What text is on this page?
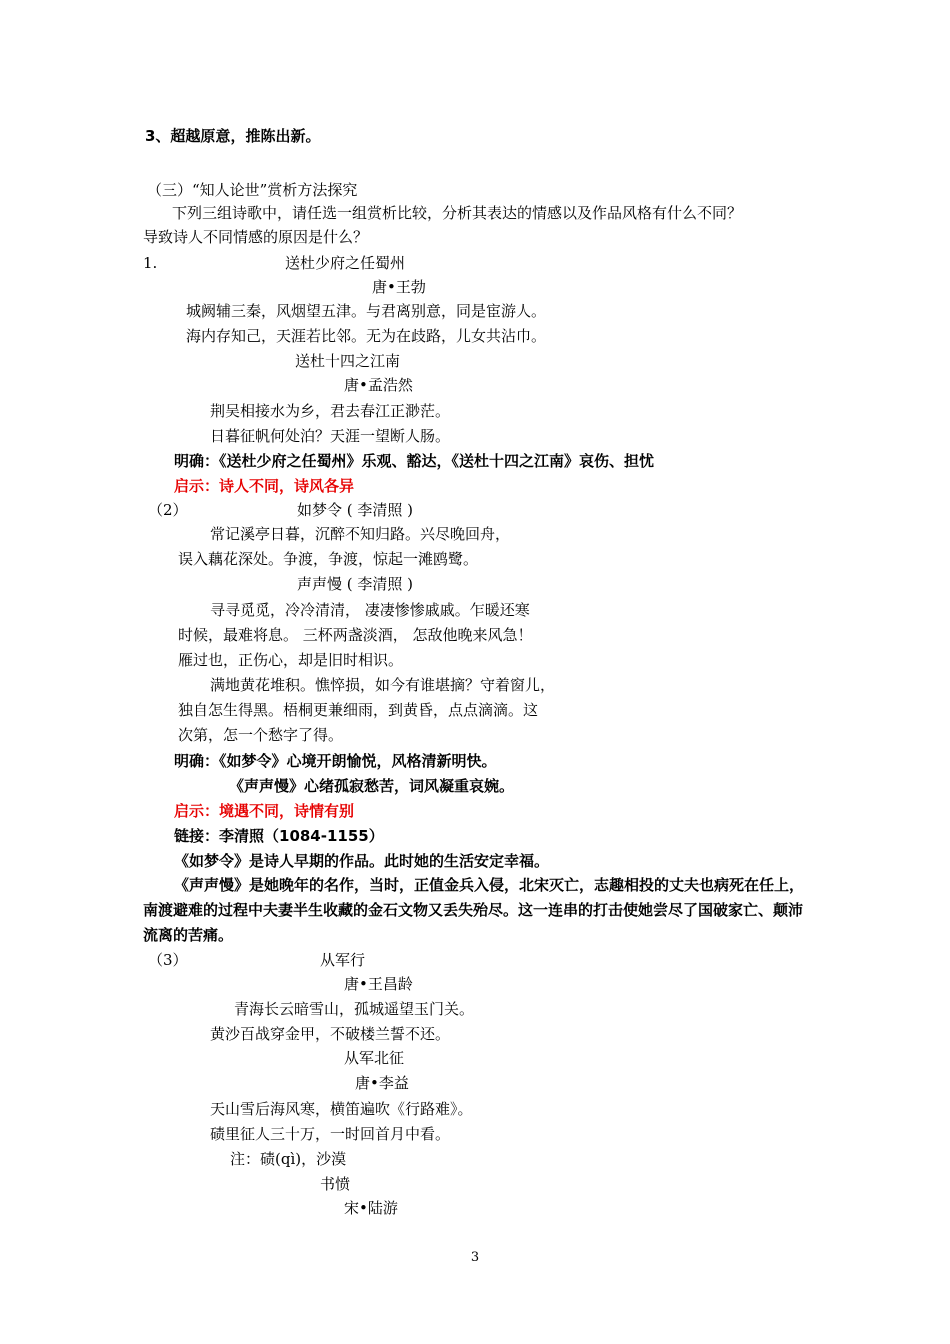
3、超越原意，推陈出新。
（三）“知人论世”赏析方法探究
下列三组诗歌中，请任选一组赏析比较，分析其表达的情感以及作品风格有什么不同？
导致诗人不同情感的原因是什么？
1.	送杜少府之任蜀州
唐•王勃
城阙辅三秦，风烟望五津。与君离别意，同是宦游人。
海内存知己，天涯若比邻。无为在歧路，儿女共沾巾。
送杜十四之江南
唐•孟浩然
荆吴相接水为乡，君去春江正渺茫。
日暮征帆何处泊？天涯一望断人肠。
明确：《送杜少府之任蜀州》乐观、豁达，《送杜十四之江南》哀伤、担忧
启示：诗人不同，诗风各异
（2）	如梦令 ( 李清照 )
常记溪亭日暮，沉醉不知归路。兴尽晚回舟，
误入藕花深处。争渡，争渡，惊起一滩鸥鹭。
声声慢 ( 李清照 )
寻寻觅觅，冷冷清清， 凄凄惨惨戚戚。乍暖还寒
时候，最难将息。 三杯两盏淡酒， 怎敌他晚来风急！
雁过也，正伤心，却是旧时相识。
满地黄花堆积。憔悴损，如今有谁堪摘？守着窗儿，
独自怎生得黑。梧桐更兼细雨，到黄昏，点点滴滴。这
次第，怎一个愁字了得。
明确：《如梦令》心境开朗愉悦，风格清新明快。
《声声慢》心绪孤寂愁苦，词风凝重哀婉。
启示：境遇不同，诗情有别
链接：李清照（1084-1155）
《如梦令》是诗人早期的作品。此时她的生活安定幸福。
《声声慢》是她晚年的名作，当时，正值金兵入侵，北宋灭亡，志趣相投的丈夫也病死在任上，南渡避难的过程中夫妻半生收藏的金石文物又丢失殆尽。这一连串的打击使她尝尽了国破家亡、颠沛流离的苦痛。
（3）	从军行
唐•王昌龄
青海长云暗雪山，孤城遥望玉门关。
黄沙百战穿金甲，不破楼兰誓不还。
从军北征
唐•李益
天山雪后海风寒，横笛遍吹《行路难》。
碛里征人三十万，一时回首月中看。
注：碛(qì)，沙漠
书愤
宋•陆游
3
